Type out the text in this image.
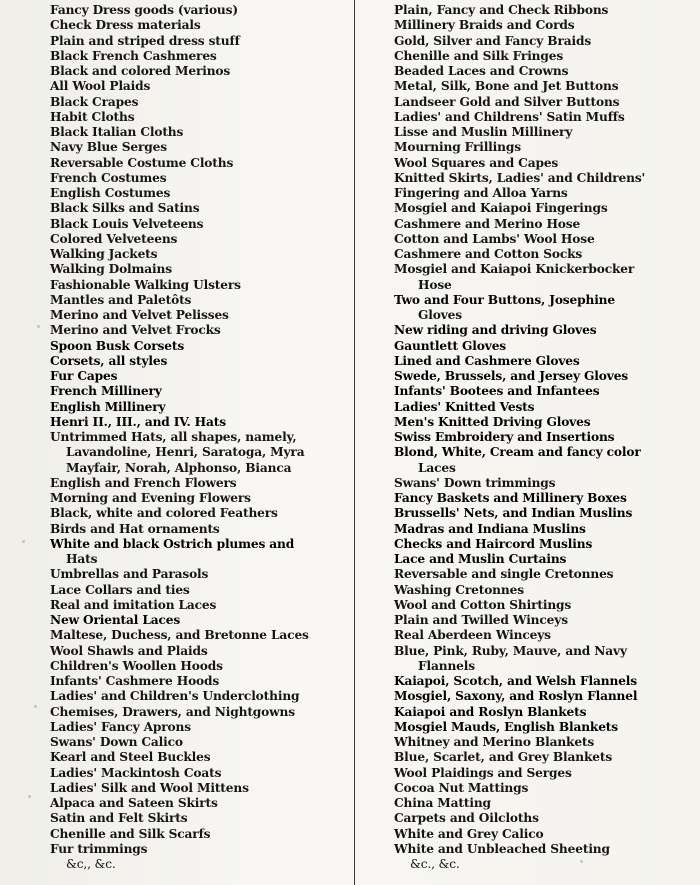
Fancy Dress goods (various)
Check Dress materials
Plain and striped dress stuff
Black French Cashmeres
Black and colored Merinos
All Wool Plaids
Black Crapes
Habit Cloths
Black Italian Cloths
Navy Blue Serges
Reversable Costume Cloths
French Costumes
English Costumes
Black Silks and Satins
Black Louis Velveteens
Colored Velveteens
Walking Jackets
Walking Dolmains
Fashionable Walking Ulsters
Mantles and Paletôts
Merino and Velvet Pelisses
Merino and Velvet Frocks
Spoon Busk Corsets
Corsets, all styles
Fur Capes
French Millinery
English Millinery
Henri II., III., and IV. Hats
Untrimmed Hats, all shapes, namely,
Lavandoline, Henri, Saratoga, Myra
Mayfair, Norah, Alphonso, Bianca
English and French Flowers
Morning and Evening Flowers
Black, white and colored Feathers
Birds and Hat ornaments
White and black Ostrich plumes and
Hats
Umbrellas and Parasols
Lace Collars and ties
Real and imitation Laces
New Oriental Laces
Maltese, Duchess, and Bretonne Laces
Wool Shawls and Plaids
Children's Woollen Hoods
Infants' Cashmere Hoods
Ladies' and Children's Underclothing
Chemises, Drawers, and Nightgowns
Ladies' Fancy Aprons
Swans' Down Calico
Kearl and Steel Buckles
Ladies' Mackintosh Coats
Ladies' Silk and Wool Mittens
Alpaca and Sateen Skirts
Satin and Felt Skirts
Chenille and Silk Scarfs
Fur trimmings
&c,, &c.
Plain, Fancy and Check Ribbons
Millinery Braids and Cords
Gold, Silver and Fancy Braids
Chenille and Silk Fringes
Beaded Laces and Crowns
Metal, Silk, Bone and Jet Buttons
Landseer Gold and Silver Buttons
Ladies' and Childrens' Satin Muffs
Lisse and Muslin Millinery
Mourning Frillings
Wool Squares and Capes
Knitted Skirts, Ladies' and Childrens'
Fingering and Alloa Yarns
Mosgiel and Kaiapoi Fingerings
Cashmere and Merino Hose
Cotton and Lambs' Wool Hose
Cashmere and Cotton Socks
Mosgiel and Kaiapoi Knickerbocker
Hose
Two and Four Buttons, Josephine
Gloves
New riding and driving Gloves
Gauntlett Gloves
Lined and Cashmere Gloves
Swede, Brussels, and Jersey Gloves
Infants' Bootees and Infantees
Ladies' Knitted Vests
Men's Knitted Driving Gloves
Swiss Embroidery and Insertions
Blond, White, Cream and fancy color
Laces
Swans' Down trimmings
Fancy Baskets and Millinery Boxes
Brussells' Nets, and Indian Muslins
Madras and Indiana Muslins
Checks and Haircord Muslins
Lace and Muslin Curtains
Reversable and single Cretonnes
Washing Cretonnes
Wool and Cotton Shirtings
Plain and Twilled Winceys
Real Aberdeen Winceys
Blue, Pink, Ruby, Mauve, and Navy
Flannels
Kaiapoi, Scotch, and Welsh Flannels
Mosgiel, Saxony, and Roslyn Flannel
Kaiapoi and Roslyn Blankets
Mosgiel Mauds, English Blankets
Whitney and Merino Blankets
Blue, Scarlet, and Grey Blankets
Wool Plaidings and Serges
Cocoa Nut Mattings
China Matting
Carpets and Oilcloths
White and Grey Calico
White and Unbleached Sheeting
&c., &c.
